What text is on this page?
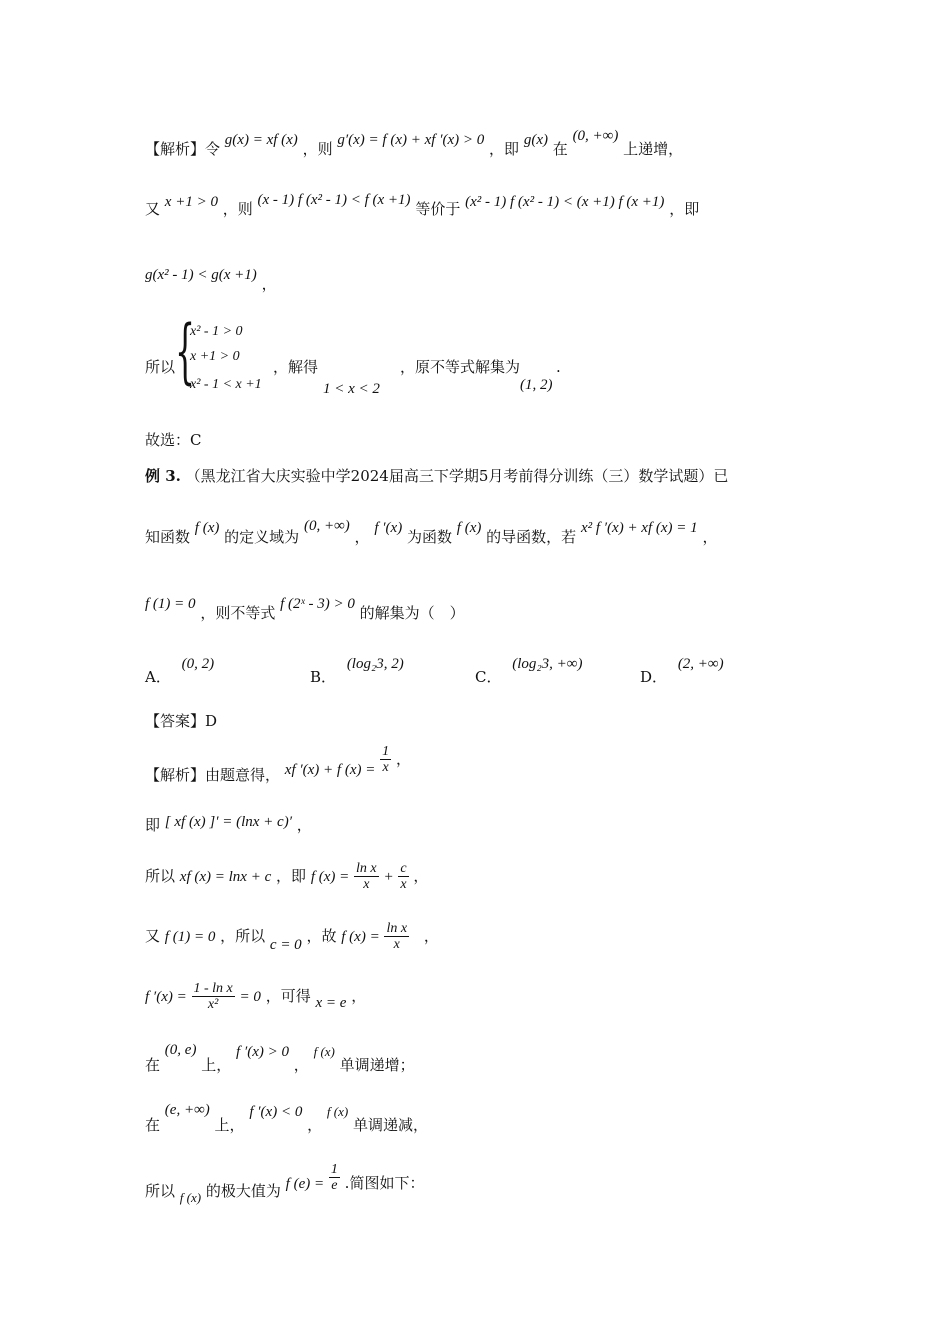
【解析】令 g(x) = xf (x) ，则 g′(x) = f (x) + xf ′(x) > 0 ，即 g(x) 在 (0, +∞) 上递增，
又 x +1 > 0 ，则 (x - 1) f (x² - 1) < f (x +1) 等价于 (x² - 1) f (x² - 1) < (x +1) f (x +1) ，即
g(x² - 1) < g(x +1) ，
所以 {
x² - 1 > 0
x +1 > 0
x² - 1 < x +1
，解得
1 < x < 2
，原不等式解集为
(1, 2)
.
故选：C
例 3. （黑龙江省大庆实验中学2024届高三下学期5月考前得分训练（三）数学试题）已
知函数 f (x) 的定义域为 (0, +∞) ， f ′(x) 为函数 f (x) 的导函数，若 x² f ′(x) + xf (x) = 1 ，
f (1) = 0 ，则不等式 f (2ˣ - 3) > 0 的解集为（　）
A． (0, 2)
B． (log₂3, 2)
C． (log₂3, +∞)
D． (2, +∞)
【答案】D
【解析】由题意得， xf ′(x) + f $(x) = \frac{1}{x}$ ，
即 [ xf (x) ]′ = (lnx + c)′ ，
所以 xf (x) = lnx + c ，即 f $(x) = \frac{\text{ln x}}{x} + \frac{c}{x}$ ，
又 f (1) = 0 ，所以 c = 0 ，故 f $(x) = \frac{\text{ln x}}{x}$ ，
f $'(x) = \frac{\text{1 - ln x}}{\text{x²}} = 0$ ，可得 x = e ，
在 (0, e) 上， f ′(x) > 0 ， f (x) 单调递增；
在 (e, +∞) 上， f ′(x) < 0 ， f (x) 单调递减，
所以 f (x) 的极大值为 f $(e) = \frac{1}{e}$ .简图如下：
